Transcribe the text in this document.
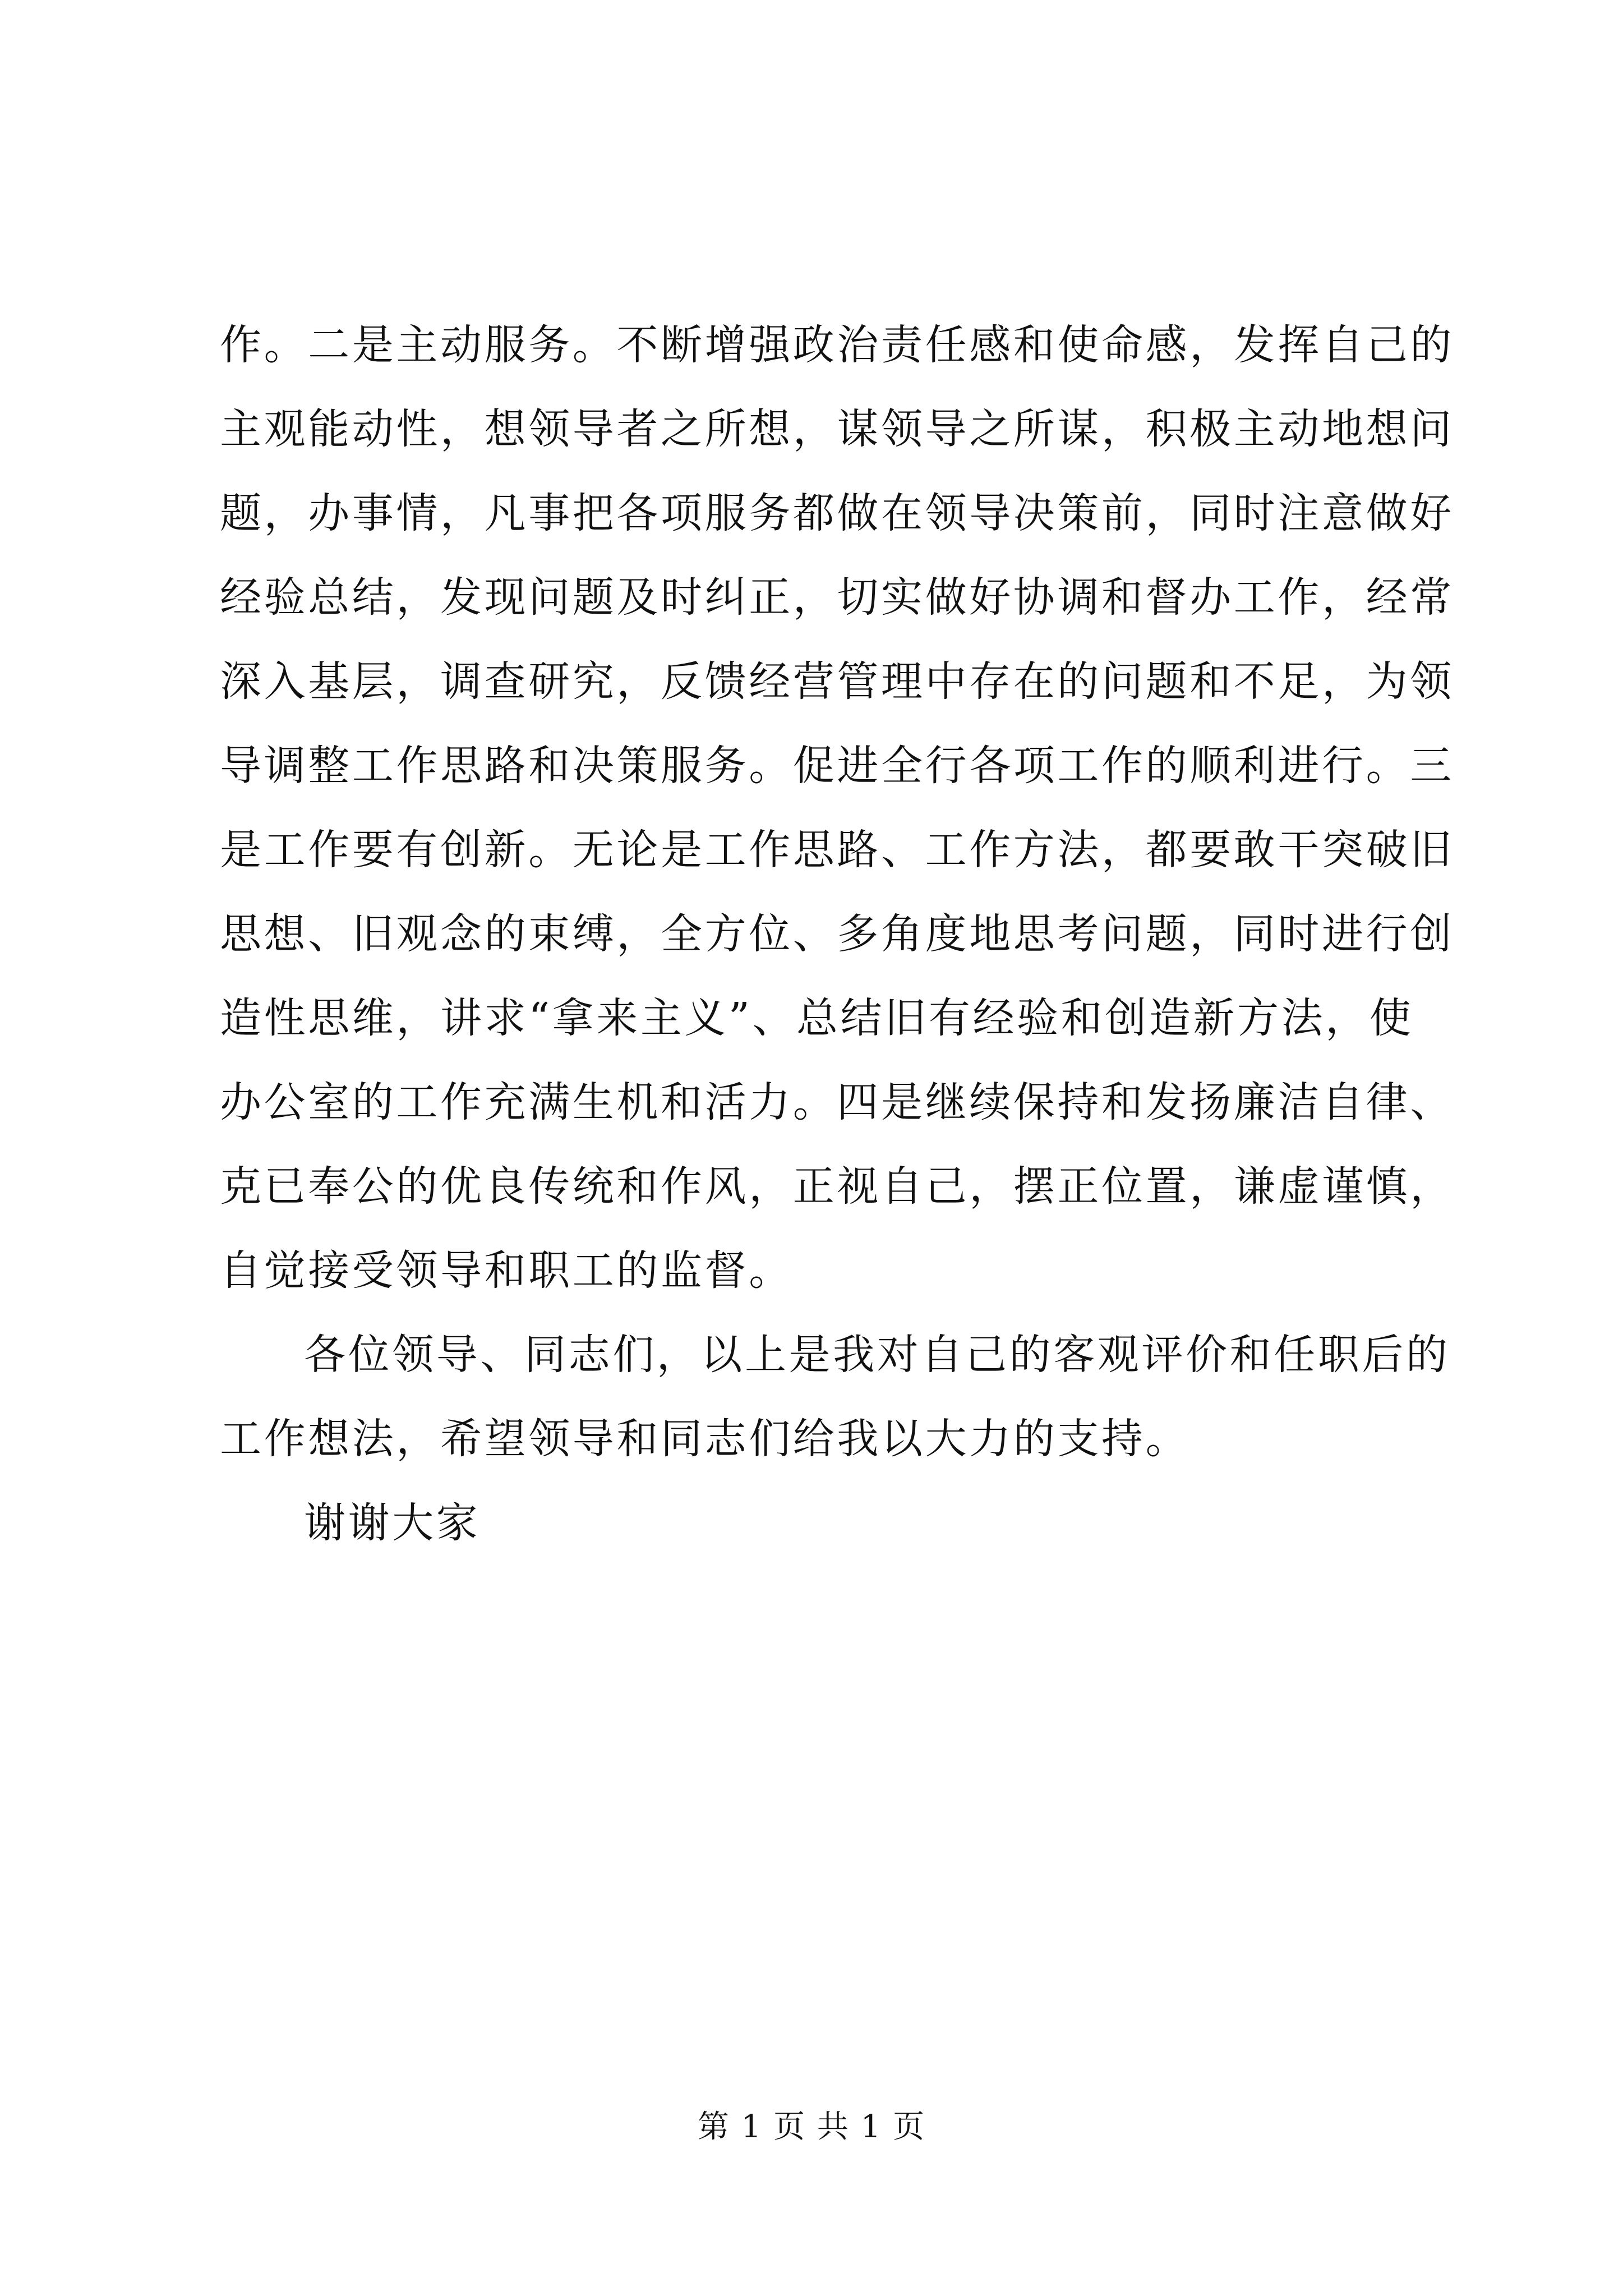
作。二是主动服务。不断增强政治责任感和使命感，发挥自己的
主观能动性，想领导者之所想，谋领导之所谋，积极主动地想问
题，办事情，凡事把各项服务都做在领导决策前，同时注意做好
经验总结，发现问题及时纠正，切实做好协调和督办工作，经常
深入基层，调查研究，反馈经营管理中存在的问题和不足，为领
导调整工作思路和决策服务。促进全行各项工作的顺利进行。三
是工作要有创新。无论是工作思路、工作方法，都要敢干突破旧
思想、旧观念的束缚，全方位、多角度地思考问题，同时进行创
造性思维，讲求“拿来主义”、总结旧有经验和创造新方法，使
办公室的工作充满生机和活力。四是继续保持和发扬廉洁自律、
克已奉公的优良传统和作风，正视自己，摆正位置，谦虚谨慎，
自觉接受领导和职工的监督。
各位领导、同志们，以上是我对自己的客观评价和任职后的
工作想法，希望领导和同志们给我以大力的支持。
谢谢大家
第 1 页 共 1 页
